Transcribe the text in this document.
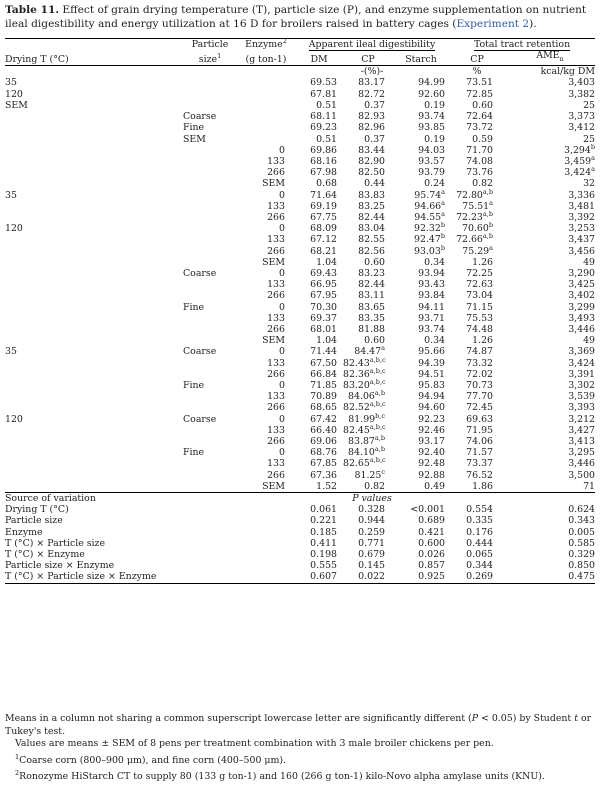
Table 11. Effect of grain drying temperature (T), particle size (P), and enzyme supplementation on nutrient ileal digestibility and energy utilization at 16 D for broilers raised in battery cages (Experiment 2).
	Particle	Enzyme$^2$	Apparent ileal digestibility			Total tract retention	
Drying T (°C)	size$^1$	(g ton-1)	DM	CP	Starch	CP	$AME_n$
			-(%)-			%	kcal/kg DM
35			69.53	83.17	94.99	73.51	3,403
120			67.81	82.72	92.60	72.85	3,382
SEM			0.51	0.37	0.19	0.60	25
	Coarse		68.11	82.93	93.74	72.64	3,373
	Fine		69.23	82.96	93.85	73.72	3,412
	SEM		0.51	0.37	0.19	0.59	25
		0	69.86	83.44	94.03	71.70	3,294$^b$
		133	68.16	82.90	93.57	74.08	3,459$^a$
		266	67.98	82.50	93.79	73.76	3,424$^a$
		SEM	0.68	0.44	0.24	0.82	32
35		0	71.64	83.83	95.74$^a$	72.80$^{a,b}$	3,336
		133	69.19	83.25	94.66$^a$	75.51$^a$	3,481
		266	67.75	82.44	94.55$^a$	72.23$^{a,b}$	3,392
120		0	68.09	83.04	92.32$^b$	70.60$^b$	3,253
		133	67.12	82.55	92.47$^b$	72.66$^{a,b}$	3,437
		266	68.21	82.56	93.03$^b$	75.29$^a$	3,456
		SEM	1.04	0.60	0.34	1.26	49
	Coarse	0	69.43	83.23	93.94	72.25	3,290
		133	66.95	82.44	93.43	72.63	3,425
		266	67.95	83.11	93.84	73.04	3,402
	Fine	0	70.30	83.65	94.11	71.15	3,299
		133	69.37	83.35	93.71	75.53	3,493
		266	68.01	81.88	93.74	74.48	3,446
		SEM	1.04	0.60	0.34	1.26	49
35	Coarse	0	71.44	84.47$^a$	95.66	74.87	3,369
		133	67.50	82.43$^{a,b,c}$	94.39	73.32	3,424
		266	66.84	82.36$^{a,b,c}$	94.51	72.02	3,391
	Fine	0	71.85	83.20$^{a,b,c}$	95.83	70.73	3,302
		133	70.89	84.06$^{a,b}$	94.94	77.70	3,539
		266	68.65	82.52$^{a,b,c}$	94.60	72.45	3,393
120	Coarse	0	67.42	81.99$^{b,c}$	92.23	69.63	3,212
		133	66.40	82.45$^{a,b,c}$	92.46	71.95	3,427
		266	69.06	83.87$^{a,b}$	93.17	74.06	3,413
	Fine	0	68.76	84.10$^{a,b}$	92.40	71.57	3,295
		133	67.85	82.65$^{a,b,c}$	92.48	73.37	3,446
		266	67.36	81.25$^c$	92.88	76.52	3,500
		SEM	1.52	0.82	0.49	1.86	71
Source of variation			P values				
Drying T (°C)			0.061	0.328	<0.001	0.554	0.624
Particle size			0.221	0.944	0.689	0.335	0.343
Enzyme			0.185	0.259	0.421	0.176	0.005
T (°C) × Particle size			0.411	0.771	0.600	0.444	0.585
T (°C) × Enzyme			0.198	0.679	0.026	0.065	0.329
Particle size × Enzyme			0.555	0.145	0.857	0.344	0.850
T (°C) × Particle size × Enzyme			0.607	0.022	0.925	0.269	0.475

Means in a column not sharing a common superscript lowercase letter are significantly different (P < 0.05) by Student t or Tukey's test.

Values are means ± SEM of 8 pens per treatment combination with 3 male broiler chickens per pen.

$^1$Coarse corn (800–900 μm), and fine corn (400–500 μm).

$^2$Ronozyme HiStarch CT to supply 80 (133 g ton-1) and 160 (266 g ton-1) kilo-Novo alpha amylase units (KNU).
